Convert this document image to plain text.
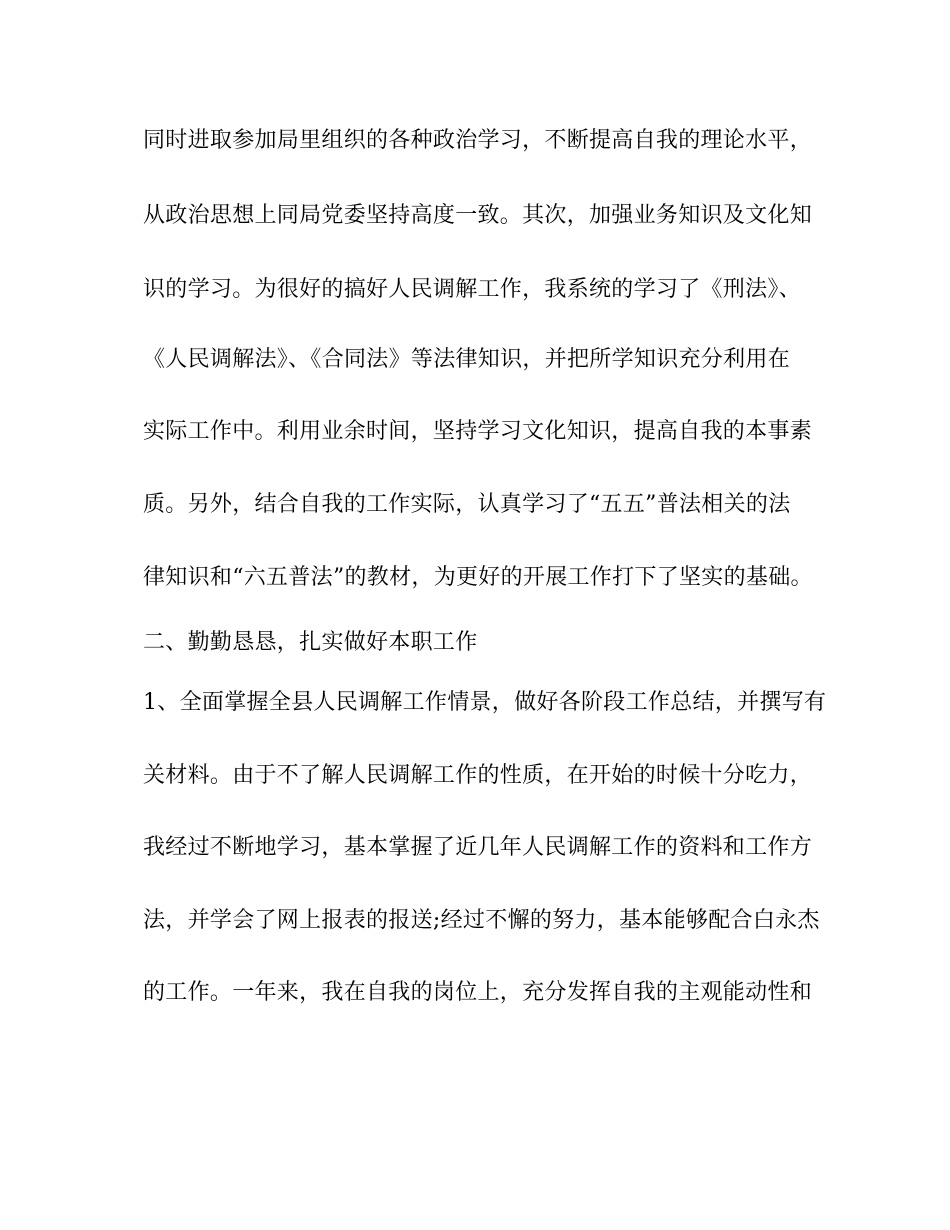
同时进取参加局里组织的各种政治学习，不断提高自我的理论水平，
从政治思想上同局党委坚持高度一致。其次，加强业务知识及文化知
识的学习。为很好的搞好人民调解工作，我系统的学习了《刑法》、
《人民调解法》、《合同法》等法律知识，并把所学知识充分利用在
实际工作中。利用业余时间，坚持学习文化知识，提高自我的本事素
质。另外，结合自我的工作实际，认真学习了“五五”普法相关的法
律知识和“六五普法”的教材，为更好的开展工作打下了坚实的基础。
二、勤勤恳恳，扎实做好本职工作
1、全面掌握全县人民调解工作情景，做好各阶段工作总结，并撰写有
关材料。由于不了解人民调解工作的性质，在开始的时候十分吃力，
我经过不断地学习，基本掌握了近几年人民调解工作的资料和工作方
法，并学会了网上报表的报送;经过不懈的努力，基本能够配合白永杰
的工作。一年来，我在自我的岗位上，充分发挥自我的主观能动性和
